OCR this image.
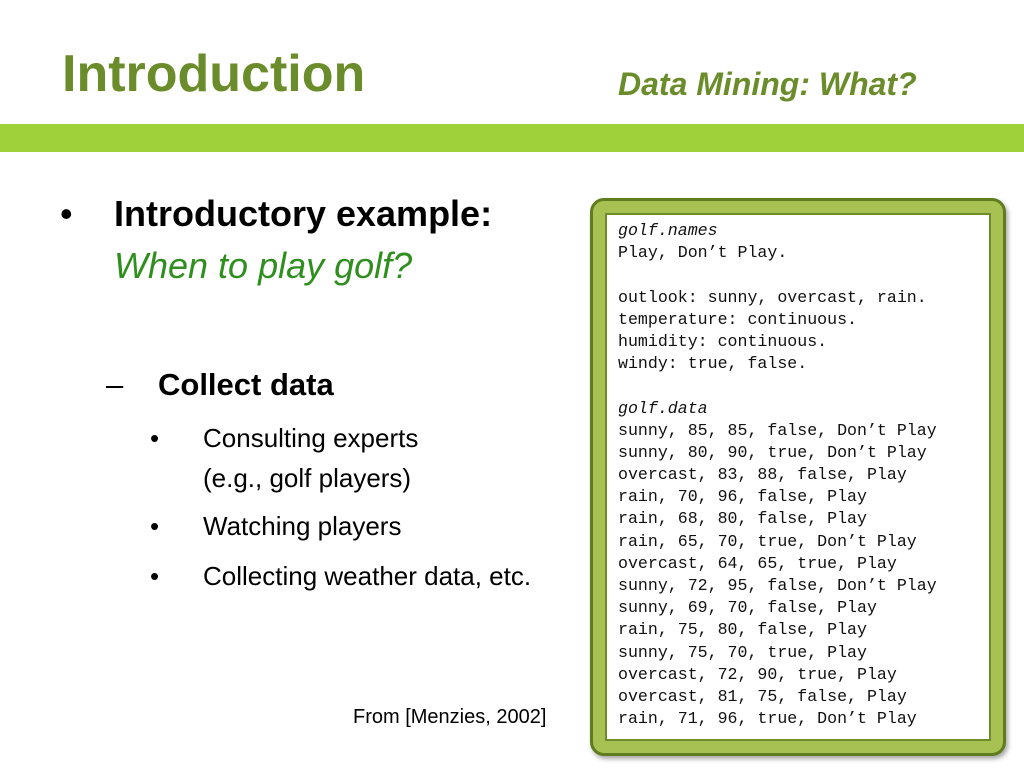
Introduction	Data Mining: What?
• Introductory example:
When to play golf?
– Collect data
• Consulting experts
(e.g., golf players)
• Watching players
• Collecting weather data, etc.
From [Menzies, 2002]
golf.names
Play, Don’t Play.
outlook: sunny, overcast, rain.
temperature: continuous.
humidity: continuous.
windy: true, false.
golf.data
sunny, 85, 85, false, Don’t Play
sunny, 80, 90, true, Don’t Play
overcast, 83, 88, false, Play
rain, 70, 96, false, Play
rain, 68, 80, false, Play
rain, 65, 70, true, Don’t Play
overcast, 64, 65, true, Play
sunny, 72, 95, false, Don’t Play
sunny, 69, 70, false, Play
rain, 75, 80, false, Play
sunny, 75, 70, true, Play
overcast, 72, 90, true, Play
overcast, 81, 75, false, Play
rain, 71, 96, true, Don’t Play
